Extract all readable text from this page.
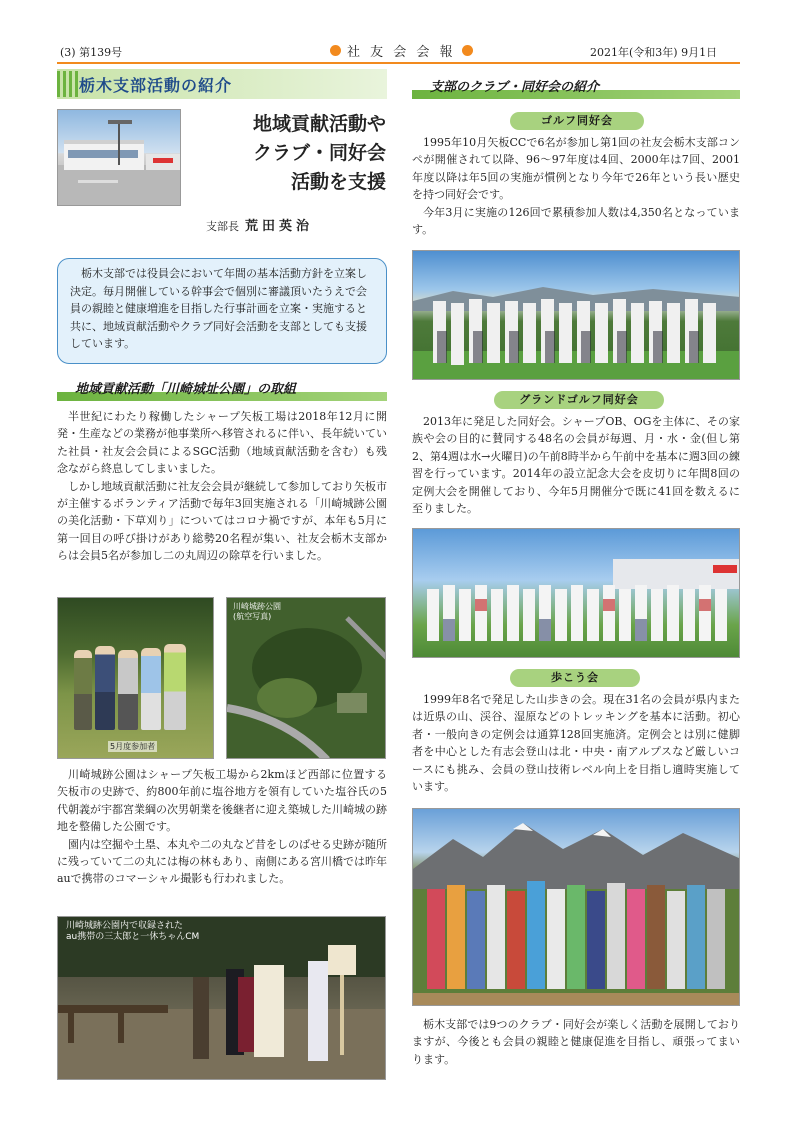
(3) 第139号	社 友 会 会 報	2021年(令和3年) 9月1日
栃木支部活動の紹介
地域貢献活動や
クラブ・同好会
活動を支援
支部長 荒田英治

栃木支部では役員会において年間の基本活動方針を立案し決定。毎月開催している幹事会で個別に審議頂いたうえで会員の親睦と健康増進を目指した行事計画を立案・実施すると共に、地域貢献活動やクラブ同好会活動を支部としても支援しています。

地域貢献活動「川崎城址公園」の取組

半世紀にわたり稼働したシャープ矢板工場は2018年12月に開発・生産などの業務が他事業所へ移管されるに伴い、長年続いていた社員・社友会会員によるSGC活動（地域貢献活動を含む）も残念ながら終息してしまいました。

しかし地域貢献活動に社友会会員が継続して参加しており矢板市が主催するボランティア活動で毎年3回実施される「川崎城跡公園の美化活動・下草刈り」についてはコロナ禍ですが、本年も5月に第一回目の呼び掛けがあり総勢20名程が集い、社友会栃木支部からは会員5名が参加し二の丸周辺の除草を行いました。

5月度参加者
川崎城跡公園
(航空写真)

川崎城跡公園はシャープ矢板工場から2kmほど西部に位置する矢板市の史跡で、約800年前に塩谷地方を領有していた塩谷氏の5代朝義が宇都宮業綱の次男朝業を後継者に迎え築城した川崎城の跡地を整備した公園です。

園内は空掘や土塁、本丸や二の丸など昔をしのばせる史跡が随所に残っていて二の丸には梅の林もあり、南側にある宮川橋では昨年auで携帯のコマーシャル撮影も行われました。

川崎城跡公園内で収録された
au携帯の三太郎と一休ちゃんCM
支部のクラブ・同好会の紹介
ゴルフ同好会

1995年10月矢板CCで6名が参加し第1回の社友会栃木支部コンペが開催されて以降、96～97年度は4回、2000年は7回、2001年度以降は年5回の実施が慣例となり今年で26年という長い歴史を持つ同好会です。

今年3月に実施の126回で累積参加人数は4,350名となっています。

グランドゴルフ同好会

2013年に発足した同好会。シャープOB、OGを主体に、その家族や会の目的に賛同する48名の会員が毎週、月・水・金(但し第2、第4週は水→火曜日)の午前8時半から午前中を基本に週3回の練習を行っています。2014年の設立記念大会を皮切りに年間8回の定例大会を開催しており、今年5月開催分で既に41回を数えるに至りました。

歩こう会

1999年8名で発足した山歩きの会。現在31名の会員が県内または近県の山、渓谷、湿原などのトレッキングを基本に活動。初心者・一般向きの定例会は通算128回実施済。定例会とは別に健脚者を中心とした有志会登山は北・中央・南アルプスなど厳しいコースにも挑み、会員の登山技術レベル向上を目指し適時実施しています。

栃木支部では9つのクラブ・同好会が楽しく活動を展開しておりますが、今後とも会員の親睦と健康促進を目指し、頑張ってまいります。
